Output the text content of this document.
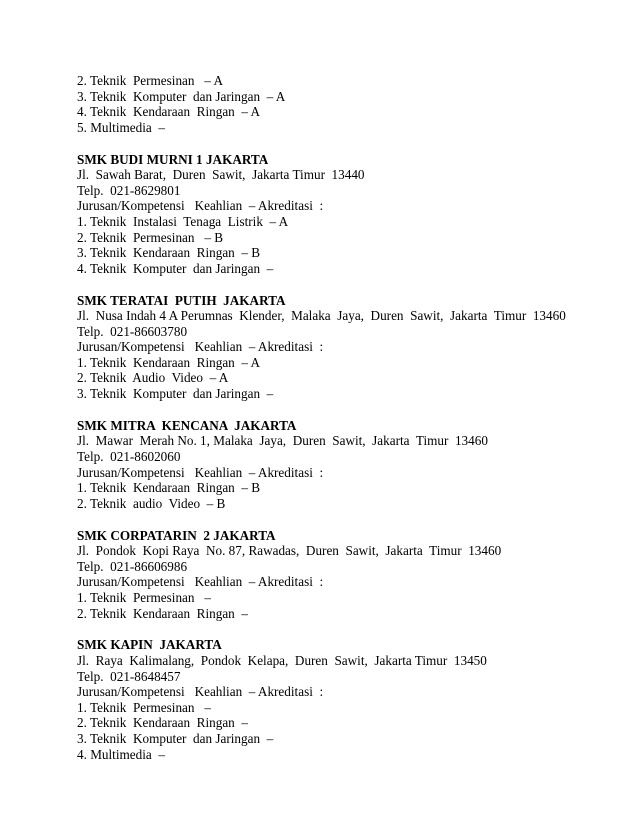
2. Teknik  Permesinan   – A
3. Teknik  Komputer  dan Jaringan  – A
4. Teknik  Kendaraan  Ringan  – A
5. Multimedia  –
SMK BUDI MURNI 1 JAKARTA
Jl.  Sawah Barat,  Duren  Sawit,  Jakarta Timur  13440
Telp.  021-8629801
Jurusan/Kompetensi   Keahlian  – Akreditasi  :
1. Teknik  Instalasi  Tenaga  Listrik  – A
2. Teknik  Permesinan   – B
3. Teknik  Kendaraan  Ringan  – B
4. Teknik  Komputer  dan Jaringan  –
SMK TERATAI  PUTIH  JAKARTA
Jl.  Nusa Indah 4 A Perumnas  Klender,  Malaka  Jaya,  Duren  Sawit,  Jakarta  Timur  13460
Telp.  021-86603780
Jurusan/Kompetensi   Keahlian  – Akreditasi  :
1. Teknik  Kendaraan  Ringan  – A
2. Teknik  Audio  Video  – A
3. Teknik  Komputer  dan Jaringan  –
SMK MITRA  KENCANA  JAKARTA
Jl.  Mawar  Merah No. 1, Malaka  Jaya,  Duren  Sawit,  Jakarta  Timur  13460
Telp.  021-8602060
Jurusan/Kompetensi   Keahlian  – Akreditasi  :
1. Teknik  Kendaraan  Ringan  – B
2. Teknik  audio  Video  – B
SMK CORPATARIN  2 JAKARTA
Jl.  Pondok  Kopi Raya  No. 87, Rawadas,  Duren  Sawit,  Jakarta  Timur  13460
Telp.  021-86606986
Jurusan/Kompetensi   Keahlian  – Akreditasi  :
1. Teknik  Permesinan   –
2. Teknik  Kendaraan  Ringan  –
SMK KAPIN  JAKARTA
Jl.  Raya  Kalimalang,  Pondok  Kelapa,  Duren  Sawit,  Jakarta Timur  13450
Telp.  021-8648457
Jurusan/Kompetensi   Keahlian  – Akreditasi  :
1. Teknik  Permesinan   –
2. Teknik  Kendaraan  Ringan  –
3. Teknik  Komputer  dan Jaringan  –
4. Multimedia  –
